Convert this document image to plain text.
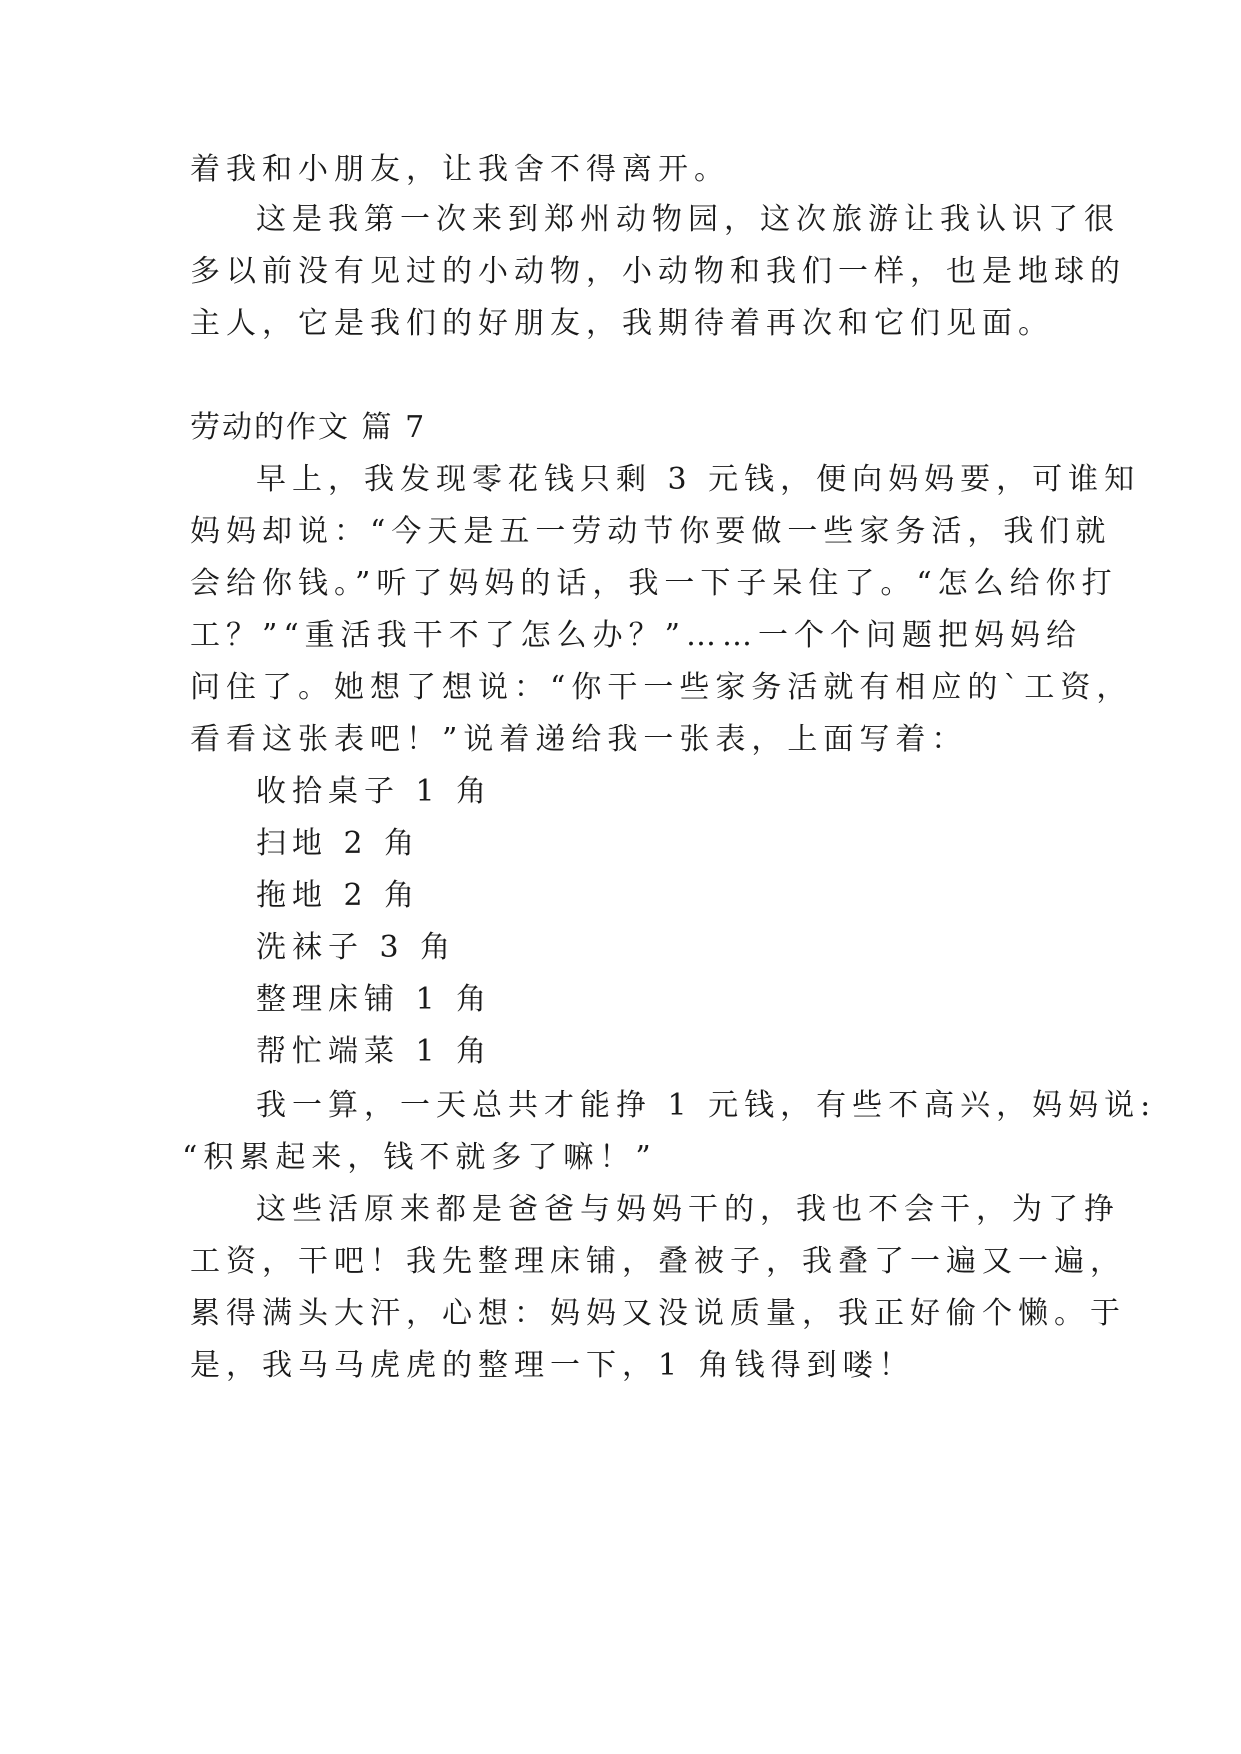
着我和小朋友，让我舍不得离开。
这是我第一次来到郑州动物园，这次旅游让我认识了很
多以前没有见过的小动物，小动物和我们一样，也是地球的
主人，它是我们的好朋友，我期待着再次和它们见面。
劳动的作文 篇 7
早上，我发现零花钱只剩 3 元钱，便向妈妈要，可谁知
妈妈却说：“今天是五一劳动节你要做一些家务活，我们就
会给你钱。”听了妈妈的话，我一下子呆住了。“怎么给你打
工？”“重活我干不了怎么办？”……一个个问题把妈妈给
问住了。她想了想说：“你干一些家务活就有相应的`工资，
看看这张表吧！”说着递给我一张表，上面写着：
收拾桌子 1 角
扫地 2 角
拖地 2 角
洗袜子 3 角
整理床铺 1 角
帮忙端菜 1 角
我一算，一天总共才能挣 1 元钱，有些不高兴，妈妈说:
“积累起来，钱不就多了嘛！”
这些活原来都是爸爸与妈妈干的，我也不会干，为了挣
工资，干吧！我先整理床铺，叠被子，我叠了一遍又一遍，
累得满头大汗，心想：妈妈又没说质量，我正好偷个懒。于
是，我马马虎虎的整理一下，1 角钱得到喽！
